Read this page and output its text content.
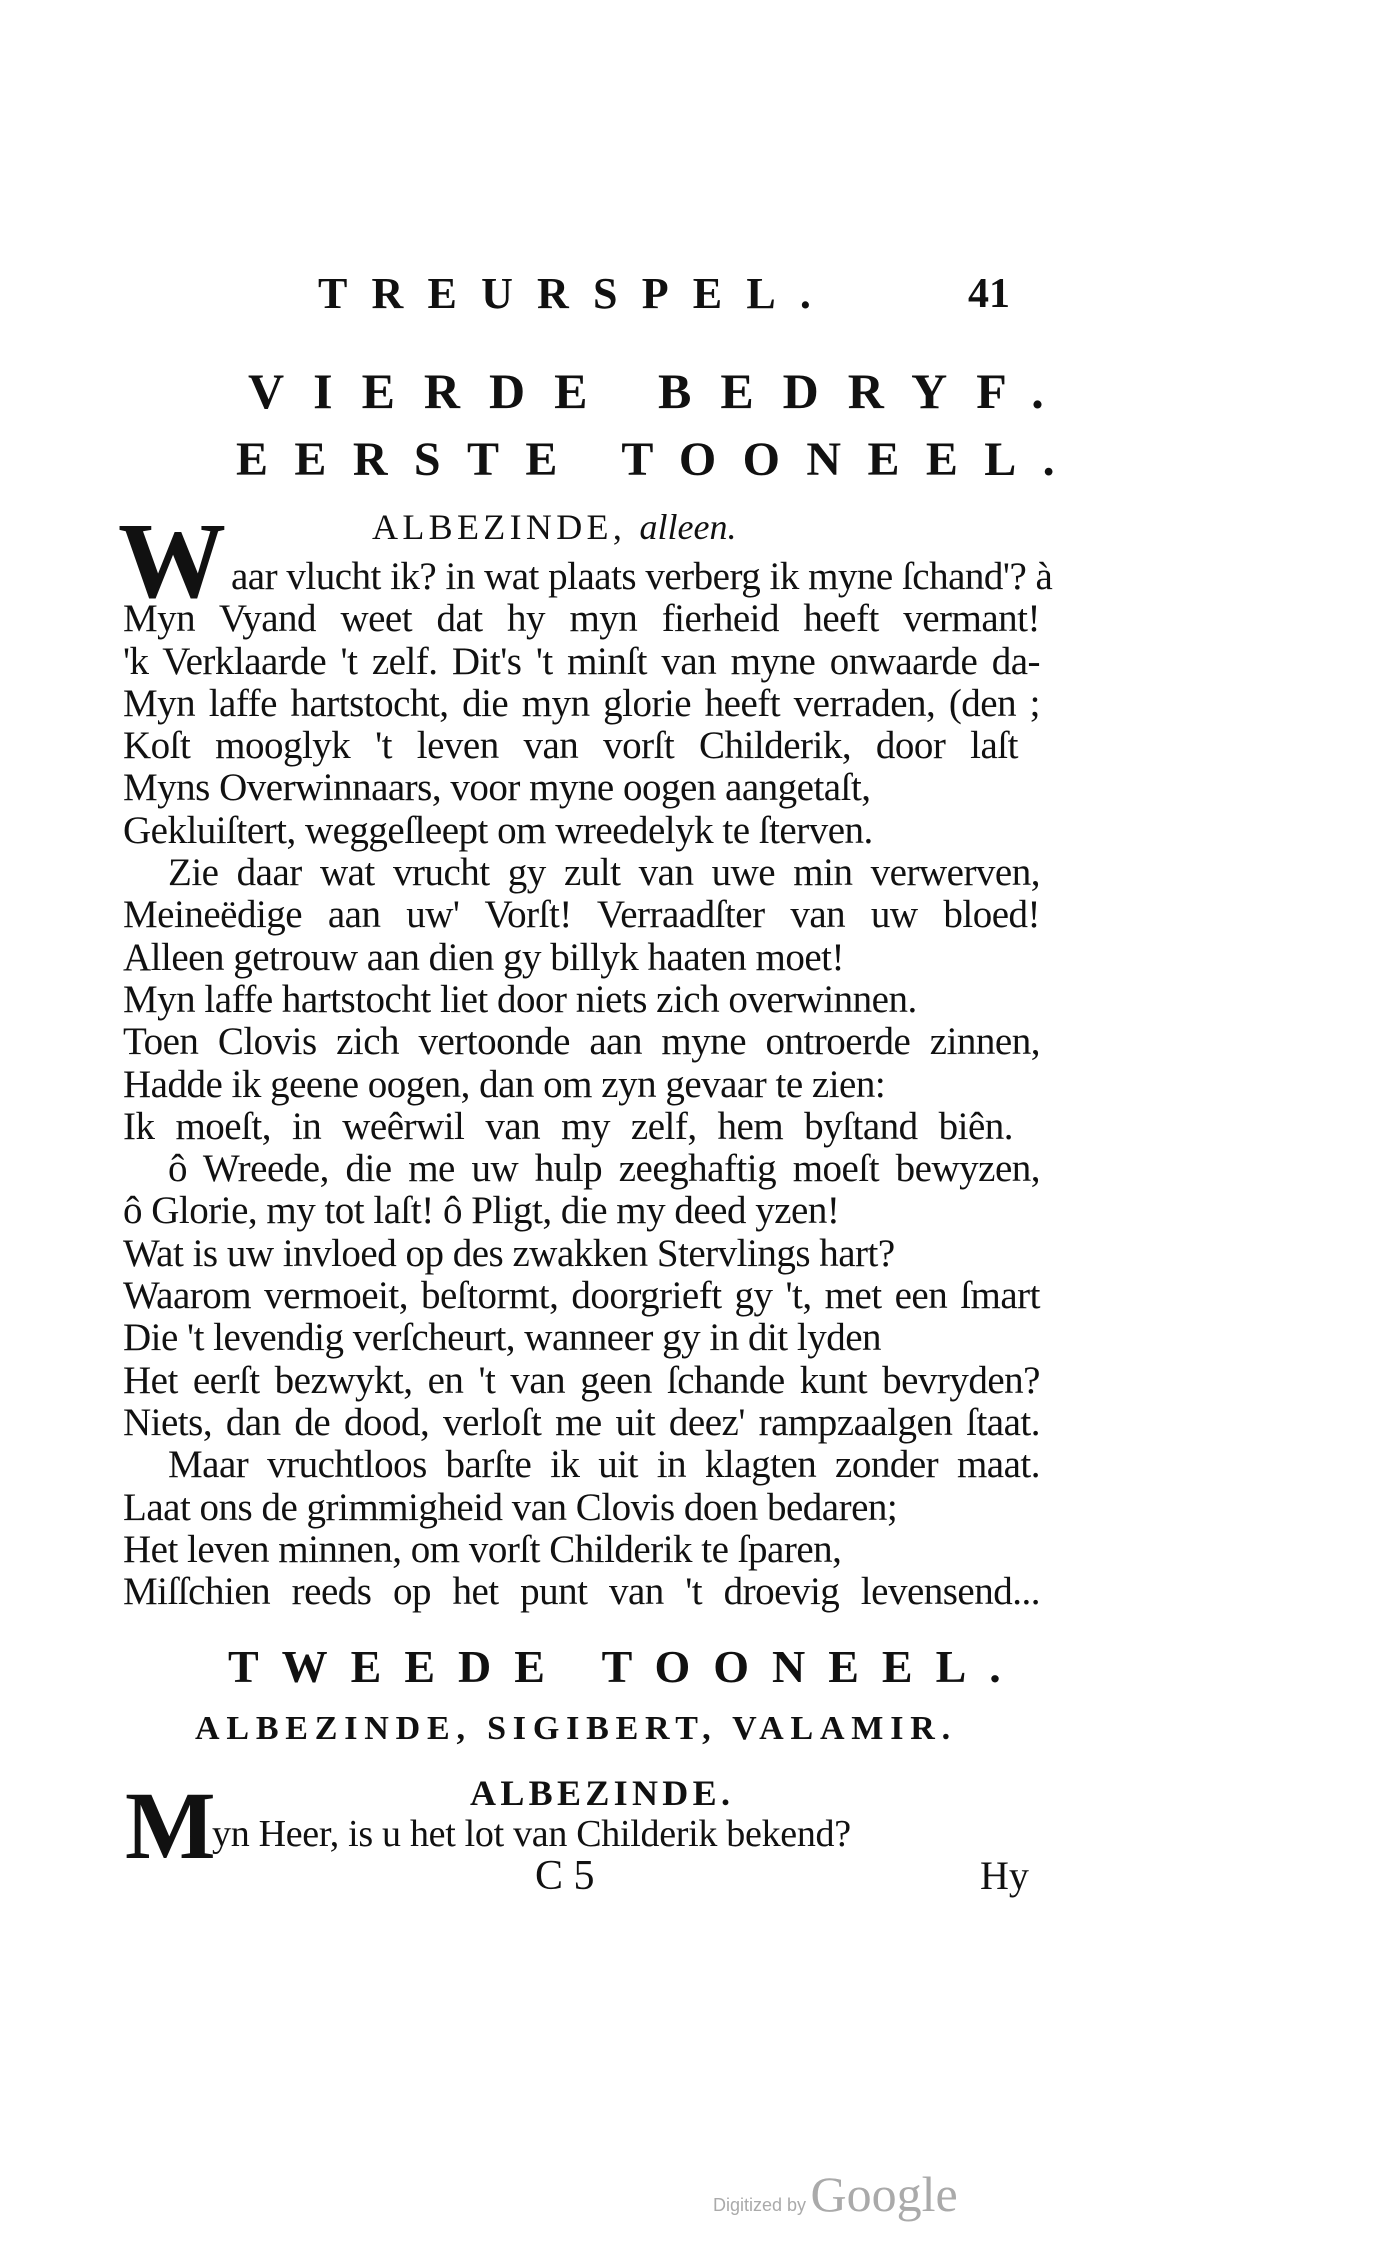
TREURSPEL.	41
VIERDE BEDRYF.
EERSTE TOONEEL.
ALBEZINDE, alleen.
W aar vlucht ik? in wat plaats verberg ik myne ſchand'? à
Myn Vyand weet dat hy myn fierheid heeft vermant!
'k Verklaarde 't zelf. Dit's 't minſt van myne onwaarde da-
Myn laffe hartstocht, die myn glorie heeft verraden, (den ;
Koſt mooglyk 't leven van vorſt Childerik, door laſt
Myns Overwinnaars, voor myne oogen aangetaſt,
Gekluiſtert, weggeſleept om wreedelyk te ſterven.
Zie daar wat vrucht gy zult van uwe min verwerven,
Meineëdige aan uw' Vorſt! Verraadſter van uw bloed!
Alleen getrouw aan dien gy billyk haaten moet!
Myn laffe hartstocht liet door niets zich overwinnen.
Toen Clovis zich vertoonde aan myne ontroerde zinnen,
Hadde ik geene oogen, dan om zyn gevaar te zien:
Ik moeſt, in weêrwil van my zelf, hem byſtand biên.
ô Wreede, die me uw hulp zeeghaftig moeſt bewyzen,
ô Glorie, my tot laſt! ô Pligt, die my deed yzen!
Wat is uw invloed op des zwakken Stervlings hart?
Waarom vermoeit, beſtormt, doorgrieft gy 't, met een ſmart
Die 't levendig verſcheurt, wanneer gy in dit lyden
Het eerſt bezwykt, en 't van geen ſchande kunt bevryden?
Niets, dan de dood, verloſt me uit deez' rampzaalgen ſtaat.
Maar vruchtloos barſte ik uit in klagten zonder maat.
Laat ons de grimmigheid van Clovis doen bedaren;
Het leven minnen, om vorſt Childerik te ſparen,
Miſſchien reeds op het punt van 't droevig levensend...
TWEEDE TOONEEL.
ALBEZINDE, SIGIBERT, VALAMIR.
ALBEZINDE.
M
yn Heer, is u het lot van Childerik bekend?
C 5	Hy
Digitized by Google
